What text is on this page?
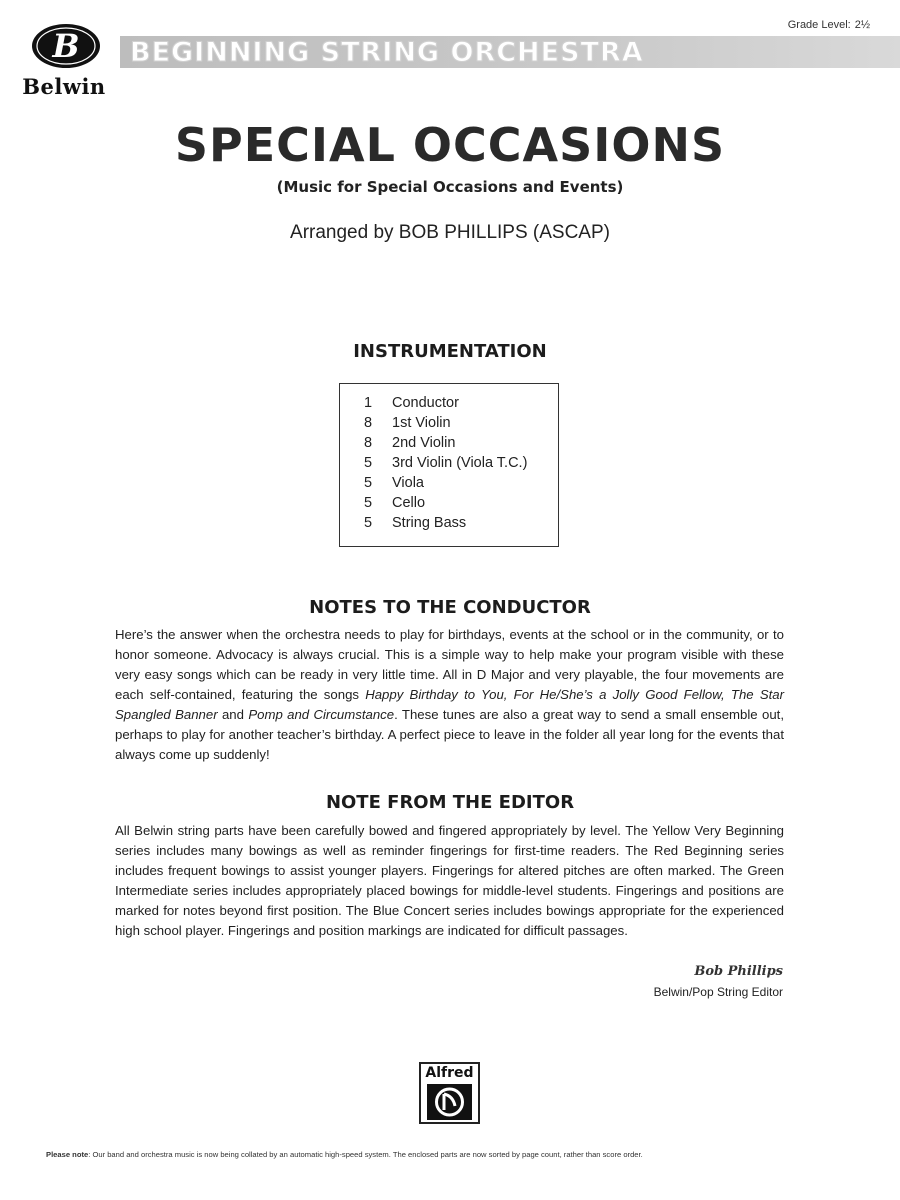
B
Belwin
BEGINNING STRING ORCHESTRA
Grade Level: 2½
SPECIAL OCCASIONS
(Music for Special Occasions and Events)
Arranged by BOB PHILLIPS (ASCAP)
INSTRUMENTATION
1 Conductor
8 1st Violin
8 2nd Violin
5 3rd Violin (Viola T.C.)
5 Viola
5 Cello
5 String Bass
NOTES TO THE CONDUCTOR

Here’s the answer when the orchestra needs to play for birthdays, events at the school or in the community, or to honor someone. Advocacy is always crucial. This is a simple way to help make your program visible with these very easy songs which can be ready in very little time. All in D Major and very playable, the four movements are each self-contained, featuring the songs Happy Birthday to You, For He/She’s a Jolly Good Fellow, The Star Spangled Banner and Pomp and Circumstance. These tunes are also a great way to send a small ensemble out, perhaps to play for another teacher’s birthday. A perfect piece to leave in the folder all year long for the events that always come up suddenly!

NOTE FROM THE EDITOR

All Belwin string parts have been carefully bowed and fingered appropriately by level. The Yellow Very Beginning series includes many bowings as well as reminder fingerings for first-time readers. The Red Beginning series includes frequent bowings to assist younger players. Fingerings for altered pitches are often marked. The Green Intermediate series includes appropriately placed bowings for middle-level students. Fingerings and positions are marked for notes beyond first position. The Blue Concert series includes bowings appropriate for the experienced high school player. Fingerings and position markings are indicated for difficult passages.

Bob Phillips
Belwin/Pop String Editor
Alfred
Please note: Our band and orchestra music is now being collated by an automatic high-speed system. The enclosed parts are now sorted by page count, rather than score order.
